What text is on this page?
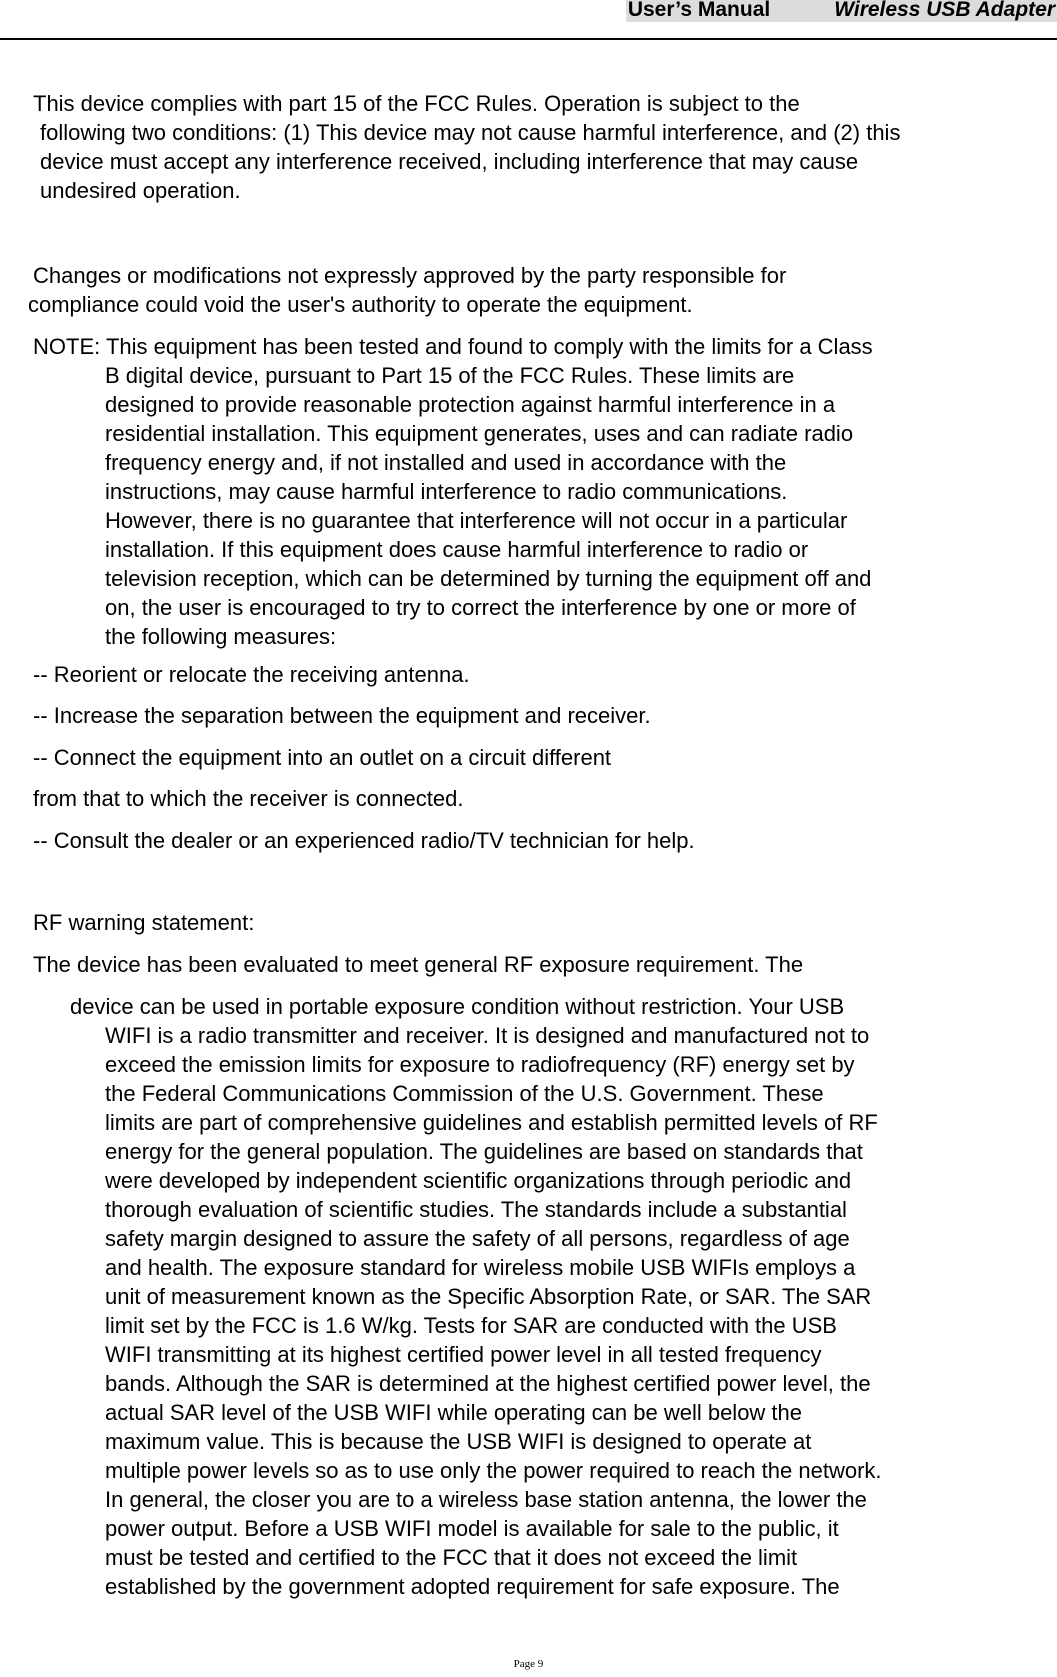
User’s Manual	Wireless USB Adapter
This device complies with part 15 of the FCC Rules. Operation is subject to the
following two conditions: (1) This device may not cause harmful interference, and (2) this
device must accept any interference received, including interference that may cause
undesired operation.
Changes or modifications not expressly approved by the party responsible for
compliance could void the user's authority to operate the equipment.
NOTE: This equipment has been tested and found to comply with the limits for a Class
B digital device, pursuant to Part 15 of the FCC Rules. These limits are
designed to provide reasonable protection against harmful interference in a
residential installation. This equipment generates, uses and can radiate radio
frequency energy and, if not installed and used in accordance with the
instructions, may cause harmful interference to radio communications.
However, there is no guarantee that interference will not occur in a particular
installation. If this equipment does cause harmful interference to radio or
television reception, which can be determined by turning the equipment off and
on, the user is encouraged to try to correct the interference by one or more of
the following measures:
-- Reorient or relocate the receiving antenna.
-- Increase the separation between the equipment and receiver.
-- Connect the equipment into an outlet on a circuit different
from that to which the receiver is connected.
-- Consult the dealer or an experienced radio/TV technician for help.
RF warning statement:
The device has been evaluated to meet general RF exposure requirement. The
device can be used in portable exposure condition without restriction. Your USB
WIFI is a radio transmitter and receiver. It is designed and manufactured not to
exceed the emission limits for exposure to radiofrequency (RF) energy set by
the Federal Communications Commission of the U.S. Government. These
limits are part of comprehensive guidelines and establish permitted levels of RF
energy for the general population. The guidelines are based on standards that
were developed by independent scientific organizations through periodic and
thorough evaluation of scientific studies. The standards include a substantial
safety margin designed to assure the safety of all persons, regardless of age
and health. The exposure standard for wireless mobile USB WIFIs employs a
unit of measurement known as the Specific Absorption Rate, or SAR. The SAR
limit set by the FCC is 1.6 W/kg. Tests for SAR are conducted with the USB
WIFI transmitting at its highest certified power level in all tested frequency
bands. Although the SAR is determined at the highest certified power level, the
actual SAR level of the USB WIFI while operating can be well below the
maximum value. This is because the USB WIFI is designed to operate at
multiple power levels so as to use only the power required to reach the network.
In general, the closer you are to a wireless base station antenna, the lower the
power output. Before a USB WIFI model is available for sale to the public, it
must be tested and certified to the FCC that it does not exceed the limit
established by the government adopted requirement for safe exposure. The
Page 9
